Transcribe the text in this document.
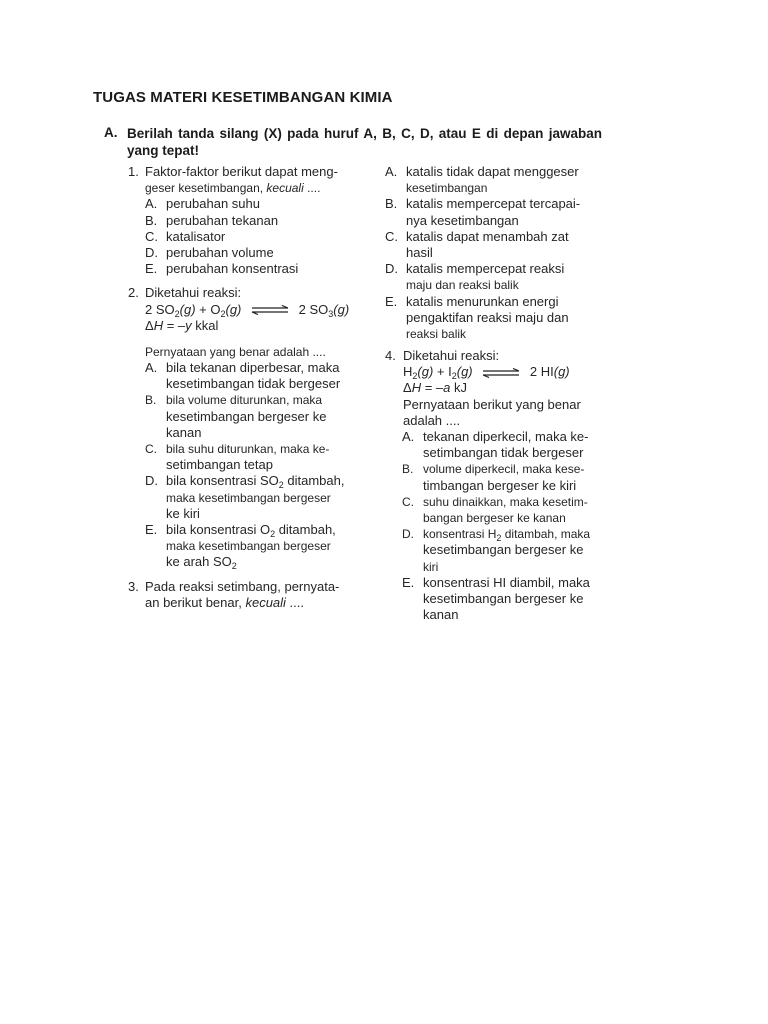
TUGAS MATERI KESETIMBANGAN KIMIA
A. Berilah tanda silang (X) pada huruf A, B, C, D, atau E di depan jawaban yang tepat!
1. Faktor-faktor berikut dapat meng-
geser kesetimbangan, kecuali ....
A. perubahan suhu
B. perubahan tekanan
C. katalisator
D. perubahan volume
E. perubahan konsentrasi
2. Diketahui reaksi:
2 $SO_2(g) + O_2(g)$ ⇌ 2 $SO_3(g)$
ΔH = –y kkal
Pernyataan yang benar adalah ....
A. bila tekanan diperbesar, maka
kesetimbangan tidak bergeser
B. bila volume diturunkan, maka
kesetimbangan bergeser ke
kanan
C. bila suhu diturunkan, maka ke-
setimbangan tetap
D. bila konsentrasi $SO_2$ ditambah,
maka kesetimbangan bergeser
ke kiri
E. bila konsentrasi $O_2$ ditambah,
maka kesetimbangan bergeser
ke arah $SO_2$
3. Pada reaksi setimbang, pernyata-
an berikut benar, kecuali ....
A. katalis tidak dapat menggeser
kesetimbangan
B. katalis mempercepat tercapai-
nya kesetimbangan
C. katalis dapat menambah zat
hasil
D. katalis mempercepat reaksi
maju dan reaksi balik
E. katalis menurunkan energi
pengaktifan reaksi maju dan
reaksi balik
4. Diketahui reaksi:
$H_2(g) + I_2(g)$ ⇌ 2 HI(g)
ΔH = –a kJ
Pernyataan berikut yang benar
adalah ....
A. tekanan diperkecil, maka ke-
setimbangan tidak bergeser
B. volume diperkecil, maka kese-
timbangan bergeser ke kiri
C. suhu dinaikkan, maka kesetim-
bangan bergeser ke kanan
D. konsentrasi $H_2$ ditambah, maka
kesetimbangan bergeser ke
kiri
E. konsentrasi HI diambil, maka
kesetimbangan bergeser ke
kanan
